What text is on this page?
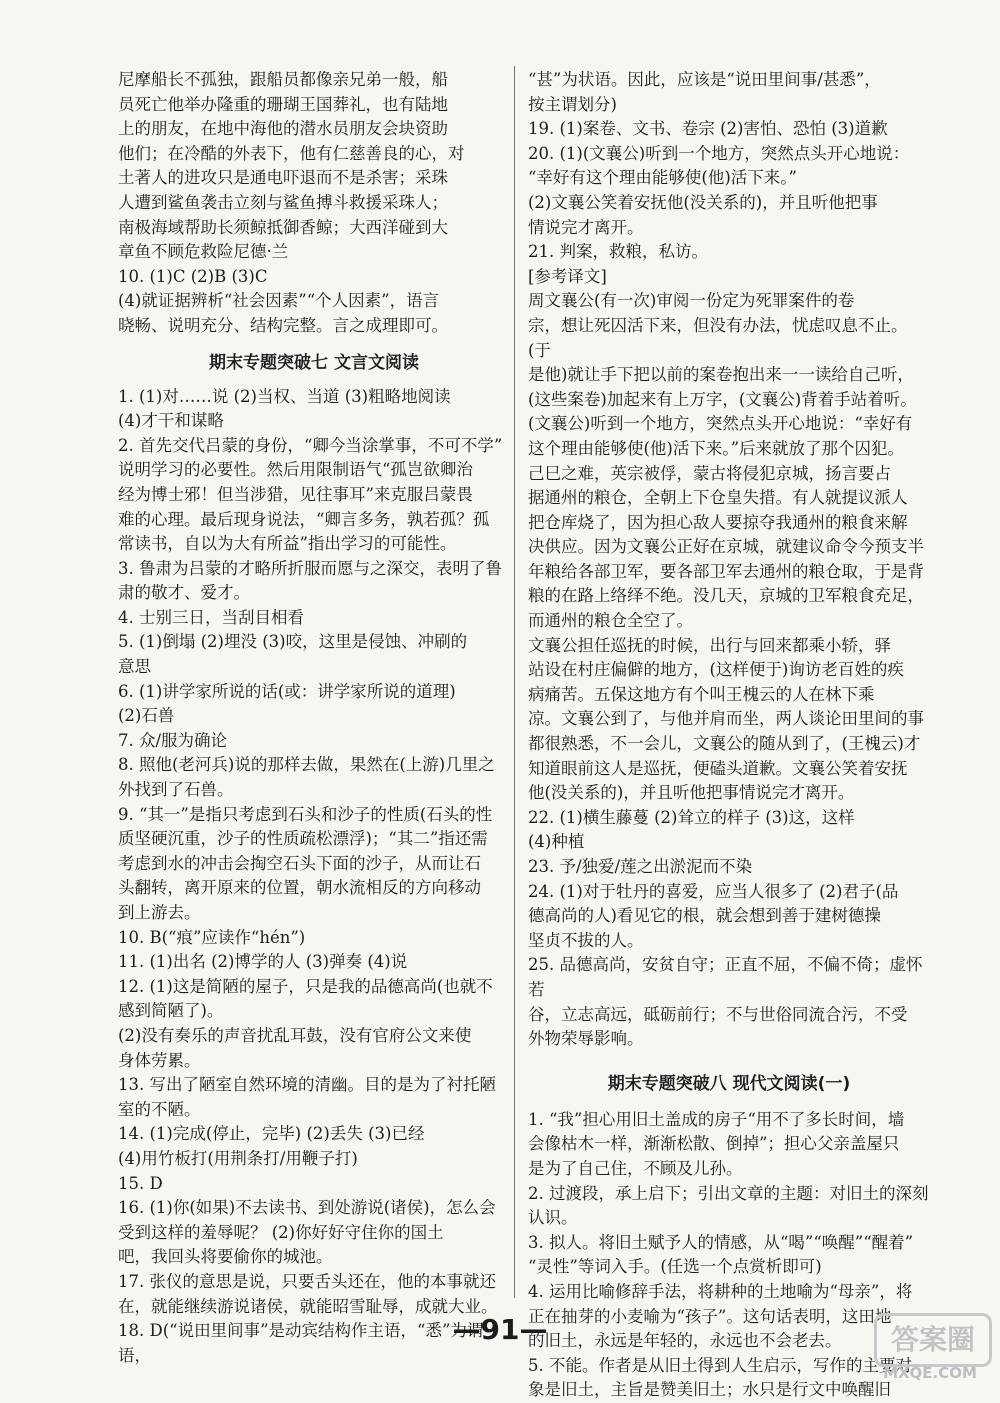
尼摩船长不孤独，跟船员都像亲兄弟一般，船
员死亡他举办隆重的珊瑚王国葬礼，也有陆地
上的朋友，在地中海他的潜水员朋友会块资助
他们；在冷酷的外表下，他有仁慈善良的心，对
土著人的进攻只是通电吓退而不是杀害；采珠
人遭到鲨鱼袭击立刻与鲨鱼搏斗救援采珠人；
南极海域帮助长须鲸抵御香鲸；大西洋碰到大
章鱼不顾危救险尼德·兰
10. (1)C (2)B (3)C
(4)就证据辨析“社会因素”“个人因素”，语言
晓畅、说明充分、结构完整。言之成理即可。
期末专题突破七 文言文阅读
1. (1)对……说 (2)当权、当道 (3)粗略地阅读
(4)才干和谋略
2. 首先交代吕蒙的身份，“卿今当涂掌事，不可不学”
说明学习的必要性。然后用限制语气“孤岂欲卿治
经为博士邪！但当涉猎，见往事耳”来克服吕蒙畏
难的心理。最后现身说法，“卿言多务，孰若孤？孤
常读书，自以为大有所益”指出学习的可能性。
3. 鲁肃为吕蒙的才略所折服而愿与之深交，表明了鲁
肃的敬才、爱才。
4. 士别三日，当刮目相看
5. (1)倒塌 (2)埋没 (3)咬，这里是侵蚀、冲刷的
意思
6. (1)讲学家所说的话(或：讲学家所说的道理)
(2)石兽
7. 众/服为确论
8. 照他(老河兵)说的那样去做，果然在(上游)几里之
外找到了石兽。
9. “其一”是指只考虑到石头和沙子的性质(石头的性
质坚硬沉重，沙子的性质疏松漂浮)；“其二”指还需
考虑到水的冲击会掏空石头下面的沙子，从而让石
头翻转，离开原来的位置，朝水流相反的方向移动
到上游去。
10. B(“痕”应读作“hén”)
11. (1)出名 (2)博学的人 (3)弹奏 (4)说
12. (1)这是简陋的屋子，只是我的品德高尚(也就不
感到简陋了)。
(2)没有奏乐的声音扰乱耳鼓，没有官府公文来使
身体劳累。
13. 写出了陋室自然环境的清幽。目的是为了衬托陋
室的不陋。
14. (1)完成(停止，完毕) (2)丢失 (3)已经
(4)用竹板打(用荆条打/用鞭子打)
15. D
16. (1)你(如果)不去读书、到处游说(诸侯)，怎么会
受到这样的羞辱呢？ (2)你好好守住你的国土
吧，我回头将要偷你的城池。
17. 张仪的意思是说，只要舌头还在，他的本事就还
在，就能继续游说诸侯，就能昭雪耻辱，成就大业。
18. D(“说田里间事”是动宾结构作主语，“悉”为谓语，
“甚”为状语。因此，应该是“说田里间事/甚悉”，
按主谓划分)
19. (1)案卷、文书、卷宗 (2)害怕、恐怕 (3)道歉
20. (1)(文襄公)听到一个地方，突然点头开心地说：
“幸好有这个理由能够使(他)活下来。”
(2)文襄公笑着安抚他(没关系的)，并且听他把事
情说完才离开。
21. 判案，救粮，私访。
[参考译文]
周文襄公(有一次)审阅一份定为死罪案件的卷
宗，想让死囚活下来，但没有办法，忧虑叹息不止。(于
是他)就让手下把以前的案卷抱出来一一读给自己听，
(这些案卷)加起来有上万字，(文襄公)背着手站着听。
(文襄公)听到一个地方，突然点头开心地说：“幸好有
这个理由能够使(他)活下来。”后来就放了那个囚犯。
己巳之难，英宗被俘，蒙古将侵犯京城，扬言要占
据通州的粮仓，全朝上下仓皇失措。有人就提议派人
把仓库烧了，因为担心敌人要掠夺我通州的粮食来解
决供应。因为文襄公正好在京城，就建议命令今预支半
年粮给各部卫军，要各部卫军去通州的粮仓取，于是背
粮的在路上络绎不绝。没几天，京城的卫军粮食充足，
而通州的粮仓全空了。
文襄公担任巡抚的时候，出行与回来都乘小轿，驿
站设在村庄偏僻的地方，(这样便于)询访老百姓的疾
病痛苦。五保这地方有个叫王槐云的人在林下乘
凉。文襄公到了，与他并肩而坐，两人谈论田里间的事
都很熟悉，不一会儿，文襄公的随从到了，(王槐云)才
知道眼前这人是巡抚，便磕头道歉。文襄公笑着安抚
他(没关系的)，并且听他把事情说完才离开。
22. (1)横生藤蔓 (2)耸立的样子 (3)这，这样
(4)种植
23. 予/独爱/莲之出淤泥而不染
24. (1)对于牡丹的喜爱，应当人很多了 (2)君子(品
德高尚的人)看见它的根，就会想到善于建树德操
坚贞不拔的人。
25. 品德高尚，安贫自守；正直不屈，不偏不倚；虚怀若
谷，立志高远，砥砺前行；不与世俗同流合污，不受
外物荣辱影响。
期末专题突破八 现代文阅读(一)
1. “我”担心用旧土盖成的房子“用不了多长时间，墙
会像枯木一样，渐渐松散、倒掉”；担心父亲盖屋只
是为了自己住，不顾及儿孙。
2. 过渡段，承上启下；引出文章的主题：对旧土的深刻
认识。
3. 拟人。将旧土赋予人的情感，从“喝”“唤醒”“醒着”
“灵性”等词入手。(任选一个点赏析即可)
4. 运用比喻修辞手法，将耕种的土地喻为“母亲”，将
正在抽芽的小麦喻为“孩子”。这句话表明，这田地
的旧土，永远是年轻的，永远也不会老去。
5. 不能。作者是从旧土得到人生启示，写作的主要对
象是旧土，主旨是赞美旧土；水只是行文中唤醒旧
—91—	答案圈
MXQE.COM
